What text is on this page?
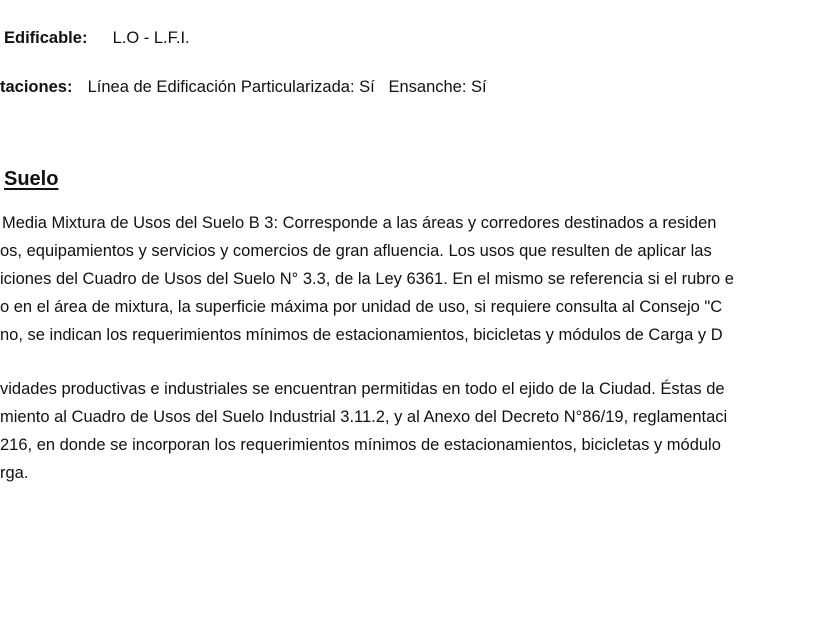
Edificable: L.O - L.F.I.
taciones: Línea de Edificación Particularizada: Sí   Ensanche: Sí
Suelo
Media Mixtura de Usos del Suelo B 3: Corresponde a las áreas y corredores destinados a residen
os, equipamientos y servicios y comercios de gran afluencia. Los usos que resulten de aplicar las
iciones del Cuadro de Usos del Suelo N° 3.3, de la Ley 6361. En el mismo se referencia si el rubro e
o en el área de mixtura, la superficie máxima por unidad de uso, si requiere consulta al Consejo "C
no, se indican los requerimientos mínimos de estacionamientos, bicicletas y módulos de Carga y D
vidades productivas e industriales se encuentran permitidas en todo el ejido de la Ciudad. Éstas de
miento al Cuadro de Usos del Suelo Industrial 3.11.2, y al Anexo del Decreto N°86/19, reglamentaci
216, en donde se incorporan los requerimientos mínimos de estacionamientos, bicicletas y módulo
rga.
